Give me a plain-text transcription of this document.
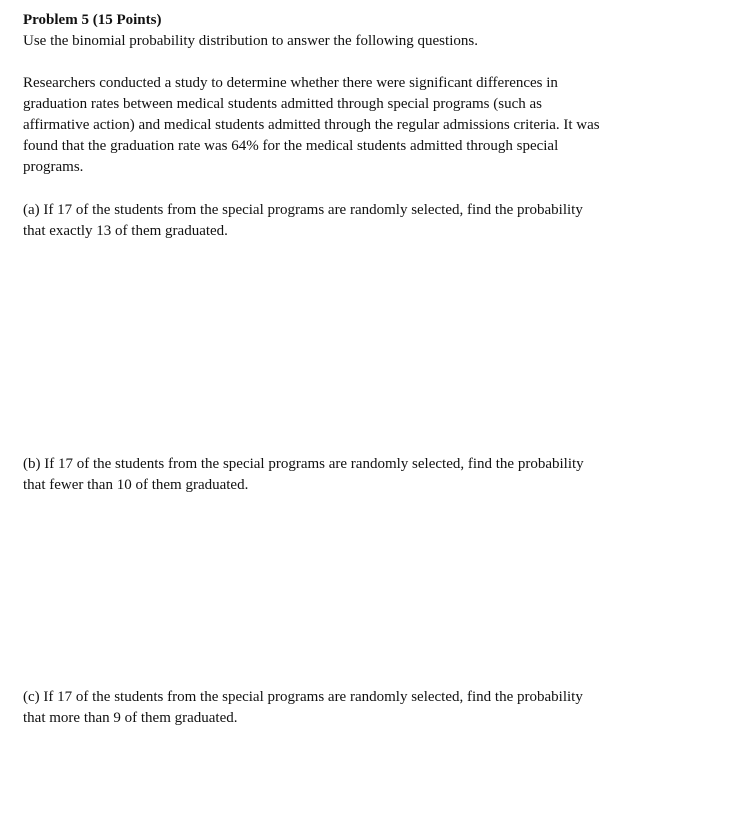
Problem 5 (15 Points)

Use the binomial probability distribution to answer the following questions.

Researchers conducted a study to determine whether there were significant differences in

graduation rates between medical students admitted through special programs (such as

affirmative action) and medical students admitted through the regular admissions criteria. It was

found that the graduation rate was 64% for the medical students admitted through special

programs.

(a) If 17 of the students from the special programs are randomly selected, find the probability

that exactly 13 of them graduated.

(b) If 17 of the students from the special programs are randomly selected, find the probability

that fewer than 10 of them graduated.

(c) If 17 of the students from the special programs are randomly selected, find the probability

that more than 9 of them graduated.
